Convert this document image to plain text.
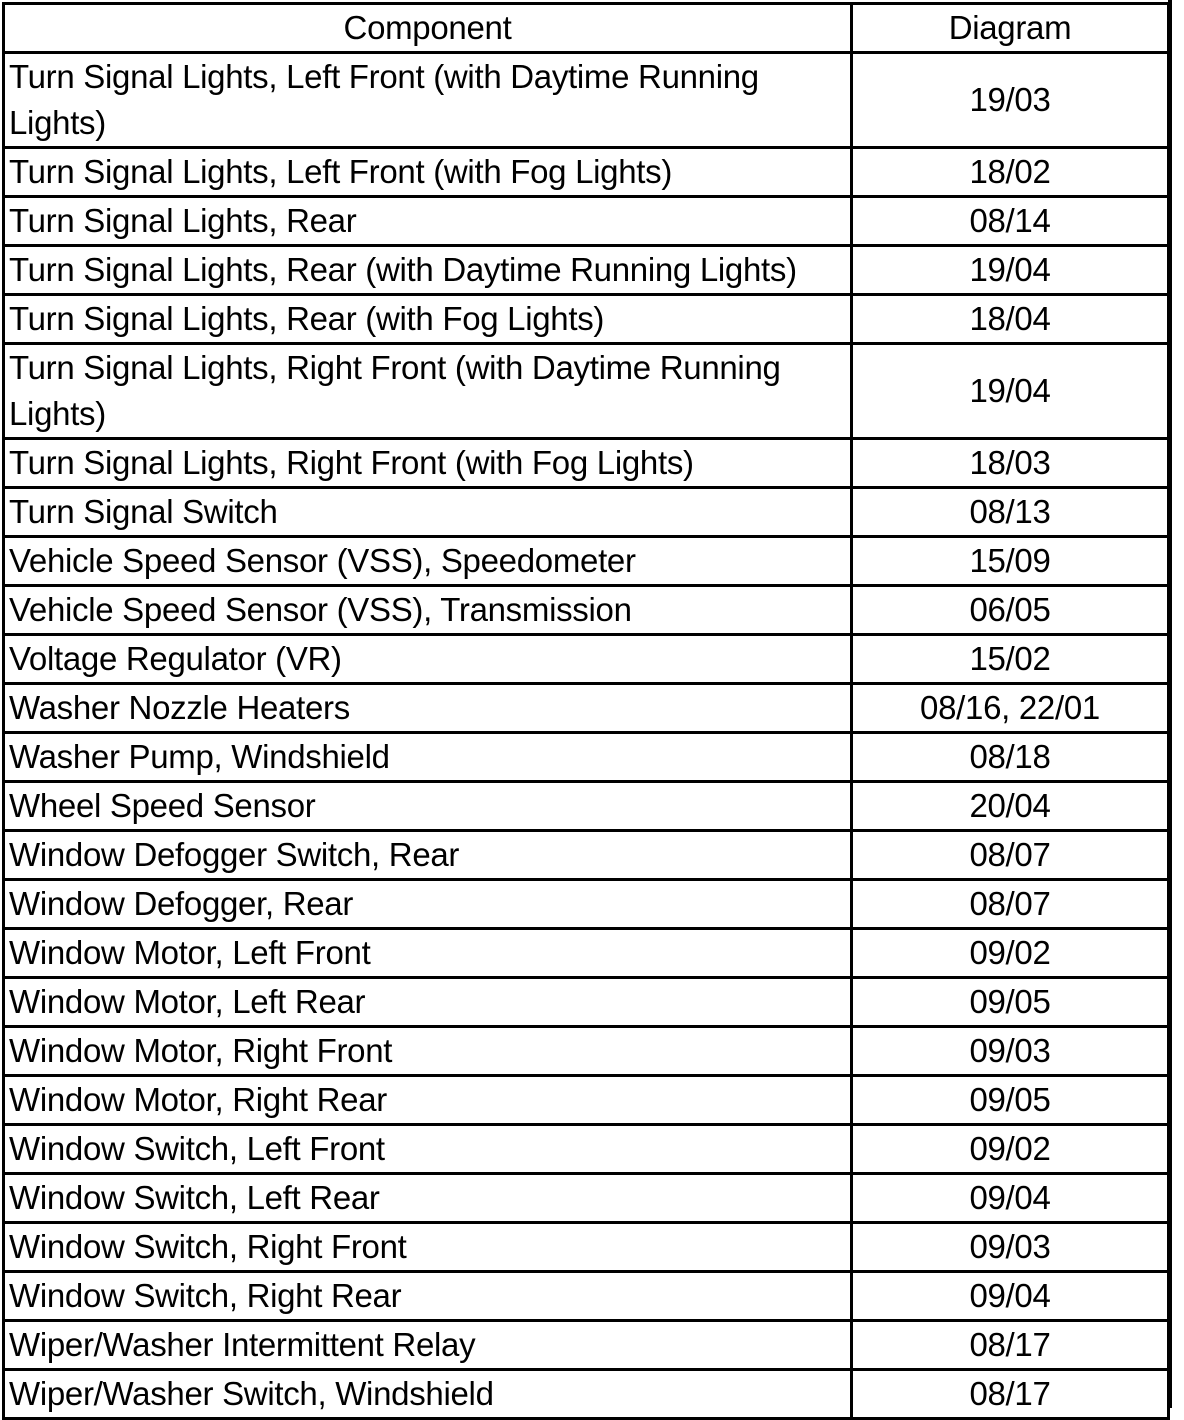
Component	Diagram
Turn Signal Lights, Left Front (with Daytime Running Lights)	19/03
Turn Signal Lights, Left Front (with Fog Lights)	18/02
Turn Signal Lights, Rear	08/14
Turn Signal Lights, Rear (with Daytime Running Lights)	19/04
Turn Signal Lights, Rear (with Fog Lights)	18/04
Turn Signal Lights, Right Front (with Daytime Running Lights)	19/04
Turn Signal Lights, Right Front (with Fog Lights)	18/03
Turn Signal Switch	08/13
Vehicle Speed Sensor (VSS), Speedometer	15/09
Vehicle Speed Sensor (VSS), Transmission	06/05
Voltage Regulator (VR)	15/02
Washer Nozzle Heaters	08/16, 22/01
Washer Pump, Windshield	08/18
Wheel Speed Sensor	20/04
Window Defogger Switch, Rear	08/07
Window Defogger, Rear	08/07
Window Motor, Left Front	09/02
Window Motor, Left Rear	09/05
Window Motor, Right Front	09/03
Window Motor, Right Rear	09/05
Window Switch, Left Front	09/02
Window Switch, Left Rear	09/04
Window Switch, Right Front	09/03
Window Switch, Right Rear	09/04
Wiper/Washer Intermittent Relay	08/17
Wiper/Washer Switch, Windshield	08/17
